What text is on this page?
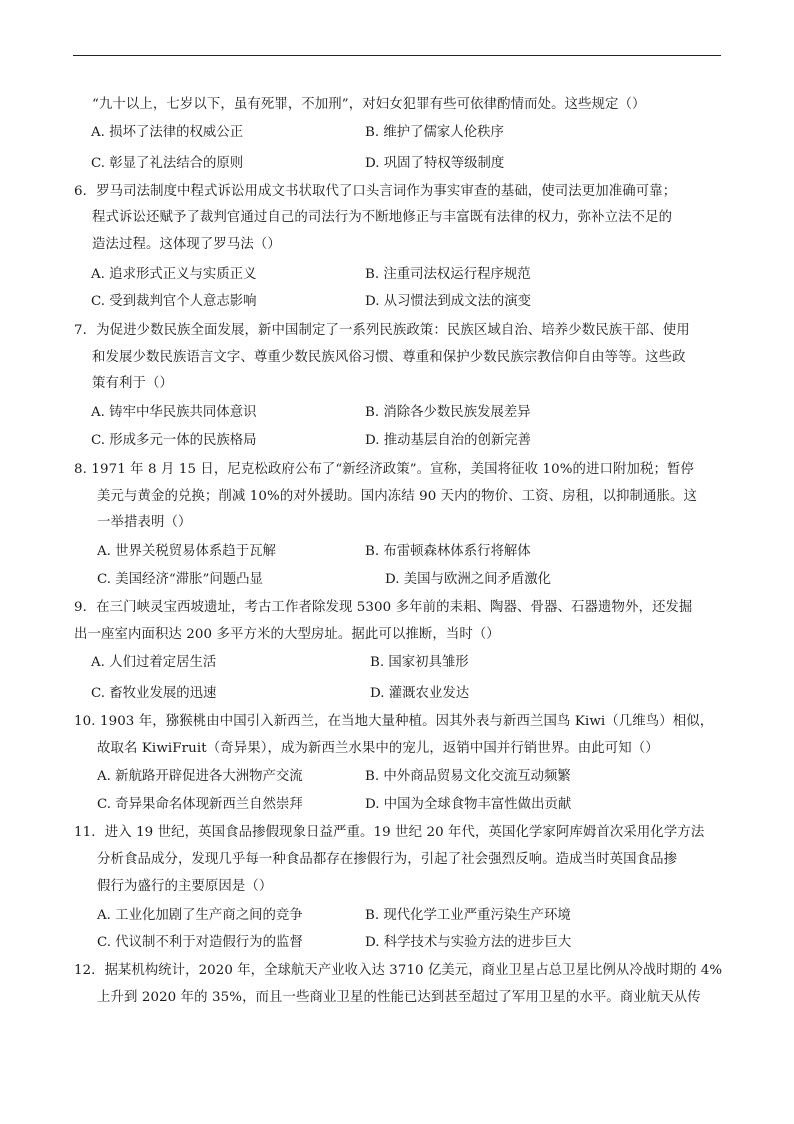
“九十以上，七岁以下，虽有死罪，不加刑”，对妇女犯罪有些可依律酌情而处。这些规定（）
A. 损坏了法律的权威公正	B. 维护了儒家人伦秩序
C. 彰显了礼法结合的原则	D. 巩固了特权等级制度
6．罗马司法制度中程式诉讼用成文书状取代了口头言词作为事实审查的基础，使司法更加准确可靠；
程式诉讼还赋予了裁判官通过自己的司法行为不断地修正与丰富既有法律的权力，弥补立法不足的
造法过程。这体现了罗马法（）
A. 追求形式正义与实质正义	B. 注重司法权运行程序规范
C. 受到裁判官个人意志影响	D. 从习惯法到成文法的演变
7．为促进少数民族全面发展，新中国制定了一系列民族政策：民族区域自治、培养少数民族干部、使用
和发展少数民族语言文字、尊重少数民族风俗习惯、尊重和保护少数民族宗教信仰自由等等。这些政
策有利于（）
A. 铸牢中华民族共同体意识	B. 消除各少数民族发展差异
C. 形成多元一体的民族格局	D. 推动基层自治的创新完善
8. 1971 年 8 月 15 日，尼克松政府公布了“新经济政策”。宣称，美国将征收 10%的进口附加税；暂停
美元与黄金的兑换；削减 10%的对外援助。国内冻结 90 天内的物价、工资、房租，以抑制通胀。这
一举措表明（）
A. 世界关税贸易体系趋于瓦解	B. 布雷顿森林体系行将解体
C. 美国经济“滞胀”问题凸显	D. 美国与欧洲之间矛盾激化
9．在三门峡灵宝西坡遗址，考古工作者除发现 5300 多年前的耒耜、陶器、骨器、石器遗物外，还发掘
出一座室内面积达 200 多平方米的大型房址。据此可以推断，当时（）
A. 人们过着定居生活	B. 国家初具雏形
C. 畜牧业发展的迅速	D. 灌溉农业发达
10. 1903 年，猕猴桃由中国引入新西兰，在当地大量种植。因其外表与新西兰国鸟 Kiwi（几维鸟）相似，
故取名 KiwiFruit（奇异果），成为新西兰水果中的宠儿，返销中国并行销世界。由此可知（）
A. 新航路开辟促进各大洲物产交流	B. 中外商品贸易文化交流互动频繁
C. 奇异果命名体现新西兰自然崇拜	D. 中国为全球食物丰富性做出贡献
11．进入 19 世纪，英国食品掺假现象日益严重。19 世纪 20 年代，英国化学家阿库姆首次采用化学方法
分析食品成分，发现几乎每一种食品都存在掺假行为，引起了社会强烈反响。造成当时英国食品掺
假行为盛行的主要原因是（）
A. 工业化加剧了生产商之间的竞争	B. 现代化学工业严重污染生产环境
C. 代议制不利于对造假行为的监督	D. 科学技术与实验方法的进步巨大
12．据某机构统计，2020 年，全球航天产业收入达 3710 亿美元，商业卫星占总卫星比例从冷战时期的 4%
上升到 2020 年的 35%，而且一些商业卫星的性能已达到甚至超过了军用卫星的水平。商业航天从传
